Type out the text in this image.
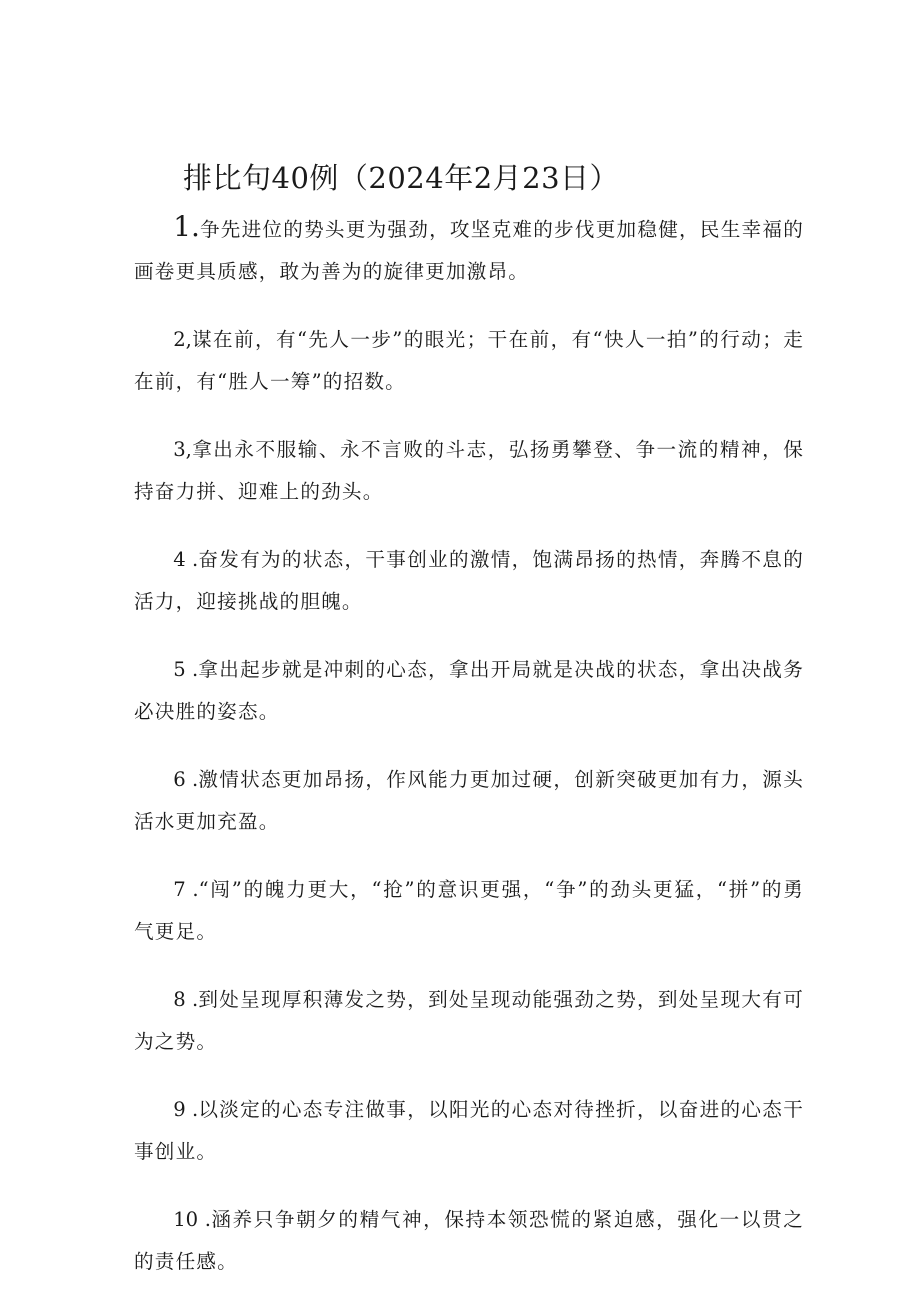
排比句40例（2024年2月23日）

1.争先进位的势头更为强劲，攻坚克难的步伐更加稳健，民生幸福的画卷更具质感，敢为善为的旋律更加激昂。

2,谋在前，有“先人一步”的眼光；干在前，有“快人一拍”的行动；走在前，有“胜人一筹”的招数。

3,拿出永不服输、永不言败的斗志，弘扬勇攀登、争一流的精神，保持奋力拼、迎难上的劲头。

4 .奋发有为的状态，干事创业的激情，饱满昂扬的热情，奔腾不息的活力，迎接挑战的胆魄。

5 .拿出起步就是冲刺的心态，拿出开局就是决战的状态，拿出决战务必决胜的姿态。

6 .激情状态更加昂扬，作风能力更加过硬，创新突破更加有力，源头活水更加充盈。

7 .“闯”的魄力更大，“抢”的意识更强，“争”的劲头更猛，“拼”的勇气更足。

8 .到处呈现厚积薄发之势，到处呈现动能强劲之势，到处呈现大有可为之势。

9 .以淡定的心态专注做事，以阳光的心态对待挫折，以奋进的心态干事创业。

10 .涵养只争朝夕的精气神，保持本领恐慌的紧迫感，强化一以贯之的责任感。
